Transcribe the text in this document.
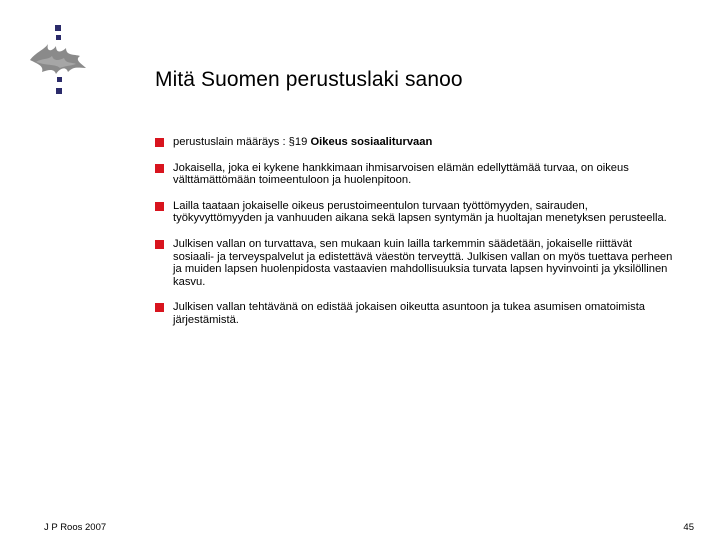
Mitä Suomen perustuslaki sanoo
perustuslain määräys : §19 Oikeus sosiaaliturvaan
Jokaisella, joka ei kykene hankkimaan ihmisarvoisen elämän edellyttämää turvaa, on oikeus välttämättömään toimeentuloon ja huolenpitoon.
Lailla taataan jokaiselle oikeus perustoimeentulon turvaan työttömyyden, sairauden, työkyvyttömyyden ja vanhuuden aikana sekä lapsen syntymän ja huoltajan menetyksen perusteella.
Julkisen vallan on turvattava, sen mukaan kuin lailla tarkemmin säädetään, jokaiselle riittävät sosiaali- ja terveyspalvelut ja edistettävä väestön terveyttä. Julkisen vallan on myös tuettava perheen ja muiden lapsen huolenpidosta vastaavien mahdollisuuksia turvata lapsen hyvinvointi ja yksilöllinen kasvu.
Julkisen vallan tehtävänä on edistää jokaisen oikeutta asuntoon ja tukea asumisen omatoimista järjestämistä.
J P Roos 2007	45
